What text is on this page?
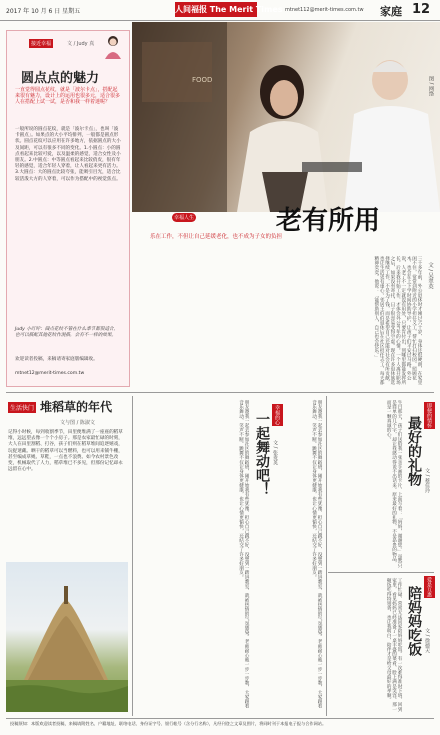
2017 年 10 月 6 日 星期五	人间福报 The Merit Times mtnet112@merit-times.com.tw 家庭 12
接近幸福	文 / Judy 真
圆点点的魅力
一直觉得圆点花纹，就是「波尔卡点」，搭配起来很有魅力，设计上的运用也很多元，适合很多人在搭配上试一试，是否和我一样着迷呢？
一般所说的圆点花纹，就是「波尔卡点」，也叫「波卡圆点」。如果点的大小平均排列，一般都是圆点形状。圆点花纹可以应用在许多地方，依据圆点的大小及间距，可以有很多不同的变化。1.小圆点：小的圆点看起来比较可爱，以及温柔的感觉，适合女性及小朋友。2.中圆点：中等圆点看起来比较俏皮，很有年轻的感觉，适合年轻人穿着，让人看起来更有活力。3.大圆点：大的圆点比较夸张，能吸引目光，适合比较活泼大方的人穿着，可以作为搭配中的视觉焦点。
Judy 小叮咛：圆点花纹不管在什么季节都很适合，也可以搭配其他花纹作混搭，会有不一样的效果。
欢迎读者投稿，来稿请寄家庭版编辑收。
mtnet12@merit-times.com.tw
FOOD	图 / 网络
幸福人生	老有所用
乐在工作，不但让自己延缓老化，也不成为子女的负担
三十多年前，外公退休时才刚过六十岁，身体还很硬朗，在家里闲不住，常常到附近的小学担任义工，帮忙打扫校园、照顾花木，也会在上下学时间协助导护，让孩子们平安过马路。外公说，人老了不一定就没有用处，只要肯付出，到哪里都能发挥所长。后来我开始工作，才体会外公当年的心情。一个人离开职场之后，如果没有寄托，日子很容易变得空虚。现在许多退休族选择继续工作，不是为了钱，而是希望自己还能对社会有所贡献，也让生活更有重心。邻居王伯伯退休后在社区担任志工，每天都精神奕奕。他说：「能帮助别人，自己也会快乐。」	文 / 吴翠英
生活快门 堆稻草的年代
文与图 / 陈淑文
记得小时候，每到收割季节，田里便堆满了一座座的稻草堆，远远望去像一个个小房子。那是农家最忙碌的时刻，大人在田里割稻、打谷，孩子们则在稻草堆间追逐嬉戏，玩捉迷藏。晒干的稻草可以当燃料，也可以用来铺牛棚，甚至编成草绳、草鞋，一点也不浪费。如今农村景色改变，机械取代了人力，稻草堆已不多见，但那份记忆却永远留在心中。	一起舞动吧！ 幸福的心
文 / 张贵英
朋友邀我一起去参加社区的舞蹈班，刚开始我有些犹豫，担心自己跳不好，没想到一踏进教室，就被热情的气氛感染。老师耐心地一步一步教，大家跟着音乐舞动，笑声不断。跳舞不仅让身体更健康，也让心情更愉快，还结交了许多好朋友。	朋友邀我一起去参加社区的舞蹈班，刚开始我有些犹豫，担心自己跳不好，没想到一踏进教室，就被热情的气氛感染。老师耐心地一步一步教，大家跟着音乐舞动，笑声不断。跳舞不仅让身体更健康，也让心情更愉快，还结交了许多好朋友。	最好的礼物
即便的情怀
文 / 蔡佳玲
生日那天，孩子们送给我一张亲手画的卡片，上面写着：「妈妈，谢谢您。」虽然只是简单的几个字，却让我感动得说不出话来。原来最好的礼物，不是昂贵的物品，而是一颗真诚的心。
陪妈妈吃饭 爱是互惠
文 / 徐德天
工作忙碌，常常无法回家陪妈妈吃饭。有一次难得准时下班，回到家里，看见妈妈已经准备了一桌丰盛的菜肴，脸上满是笑容。那一顿饭吃得特别香，也让我明白，陪伴才是给父母最好的孝顺。
投稿须知：本版欢迎读者投稿，来稿请附姓名、户籍地址、联络电话、身份证字号、银行帐号（含分行名称），凡经刊登之文章及图片，将同时刊于本报电子报与合作网站。
